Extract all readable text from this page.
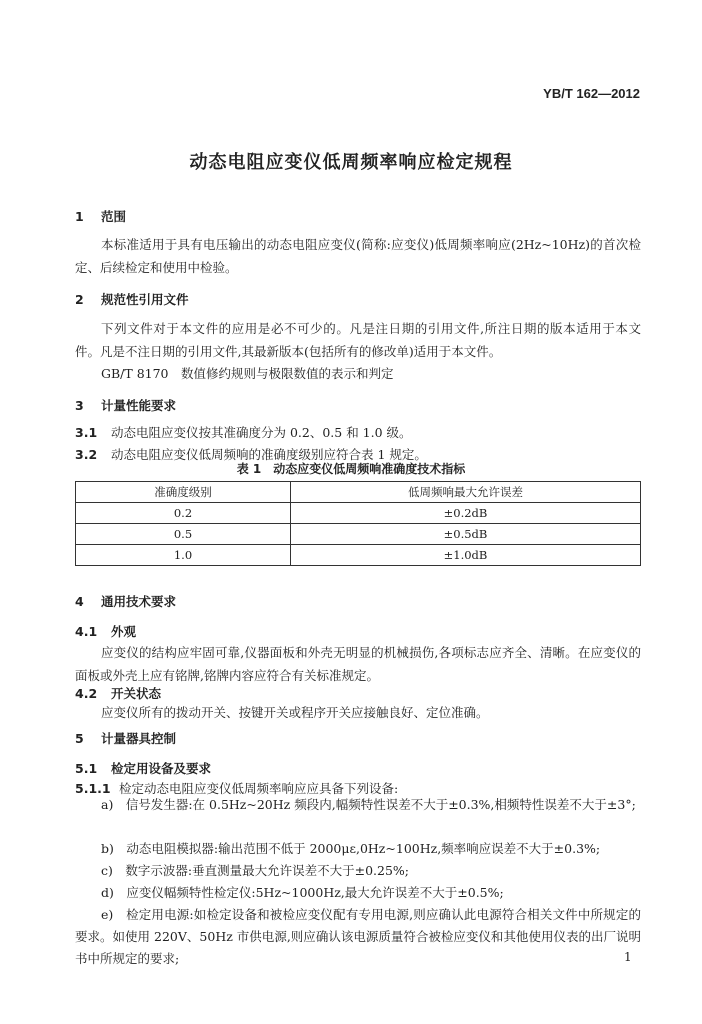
YB/T 162—2012
动态电阻应变仪低周频率响应检定规程
1 范围
本标准适用于具有电压输出的动态电阻应变仪(简称:应变仪)低周频率响应(2Hz~10Hz)的首次检定、后续检定和使用中检验。
2 规范性引用文件
下列文件对于本文件的应用是必不可少的。凡是注日期的引用文件,所注日期的版本适用于本文件。凡是不注日期的引用文件,其最新版本(包括所有的修改单)适用于本文件。
GB/T 8170　数值修约规则与极限数值的表示和判定
3 计量性能要求
3.1 动态电阻应变仪按其准确度分为 0.2、0.5 和 1.0 级。
3.2 动态电阻应变仪低周频响的准确度级别应符合表 1 规定。
表 1　动态应变仪低周频响准确度技术指标
准确度级别	低周频响最大允许误差
0.2	±0.2dB
0.5	±0.5dB
1.0	±1.0dB
4 通用技术要求
4.1 外观
应变仪的结构应牢固可靠,仪器面板和外壳无明显的机械损伤,各项标志应齐全、清晰。在应变仪的面板或外壳上应有铭牌,铭牌内容应符合有关标准规定。
4.2 开关状态
应变仪所有的拨动开关、按键开关或程序开关应接触良好、定位准确。
5 计量器具控制
5.1 检定用设备及要求
5.1.1 检定动态电阻应变仪低周频率响应应具备下列设备:
a)　信号发生器:在 0.5Hz~20Hz 频段内,幅频特性误差不大于±0.3%,相频特性误差不大于±3°;
b)　动态电阻模拟器:输出范围不低于 2000με,0Hz~100Hz,频率响应误差不大于±0.3%;
c)　数字示波器:垂直测量最大允许误差不大于±0.25%;
d)　应变仪幅频特性检定仪:5Hz~1000Hz,最大允许误差不大于±0.5%;
e)　检定用电源:如检定设备和被检应变仪配有专用电源,则应确认此电源符合相关文件中所规定的要求。如使用 220V、50Hz 市供电源,则应确认该电源质量符合被检应变仪和其他使用仪表的出厂说明书中所规定的要求;	1
